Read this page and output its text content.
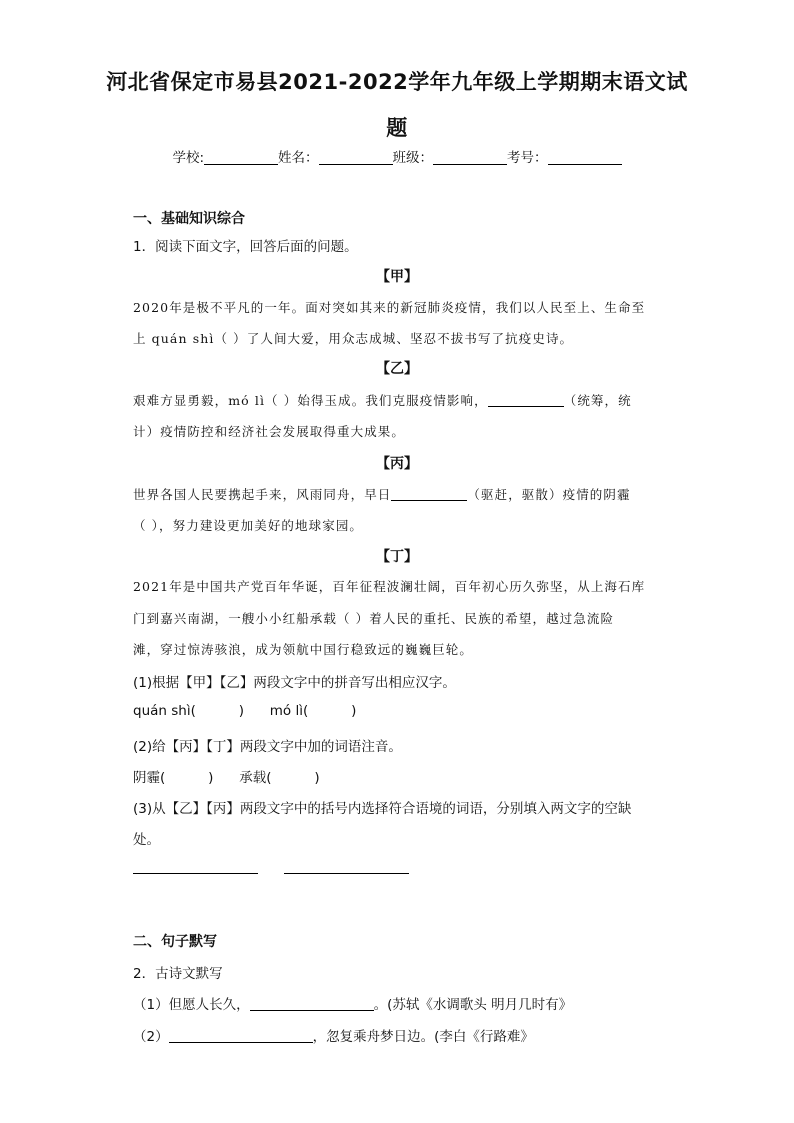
河北省保定市易县2021-2022学年九年级上学期期末语文试
题
学校:	姓名：	班级：	考号：
一、基础知识综合
1．阅读下面文字，回答后面的问题。
【甲】
2020年是极不平凡的一年。面对突如其来的新冠肺炎疫情，我们以人民至上、生命至
上 quán shì（ ）了人间大爱，用众志成城、坚忍不拔书写了抗疫史诗。
【乙】
艰难方显勇毅，mó lì（ ）始得玉成。我们克服疫情影响，	（统筹，统
计）疫情防控和经济社会发展取得重大成果。
【丙】
世界各国人民要携起手来，风雨同舟，早日	（驱赶，驱散）疫情的阴霾
（ ），努力建设更加美好的地球家园。
【丁】
2021年是中国共产党百年华诞，百年征程波澜壮阔，百年初心历久弥坚，从上海石库
门到嘉兴南湖，一艘小小红船承载（ ）着人民的重托、民族的希望，越过急流险
滩，穿过惊涛骇浪，成为领航中国行稳致远的巍巍巨轮。
(1)根据【甲】【乙】两段文字中的拼音写出相应汉字。
quán shì(          )      mó lì(          )
(2)给【丙】【丁】两段文字中加的词语注音。
阴霾(          )      承载(          )
(3)从【乙】【丙】两段文字中的括号内选择符合语境的词语，分别填入两文字的空缺
处。
二、句子默写
2．古诗文默写
（1）但愿人长久，	。(苏轼《水调歌头 明月几时有》
（2）	，忽复乘舟梦日边。(李白《行路难》
